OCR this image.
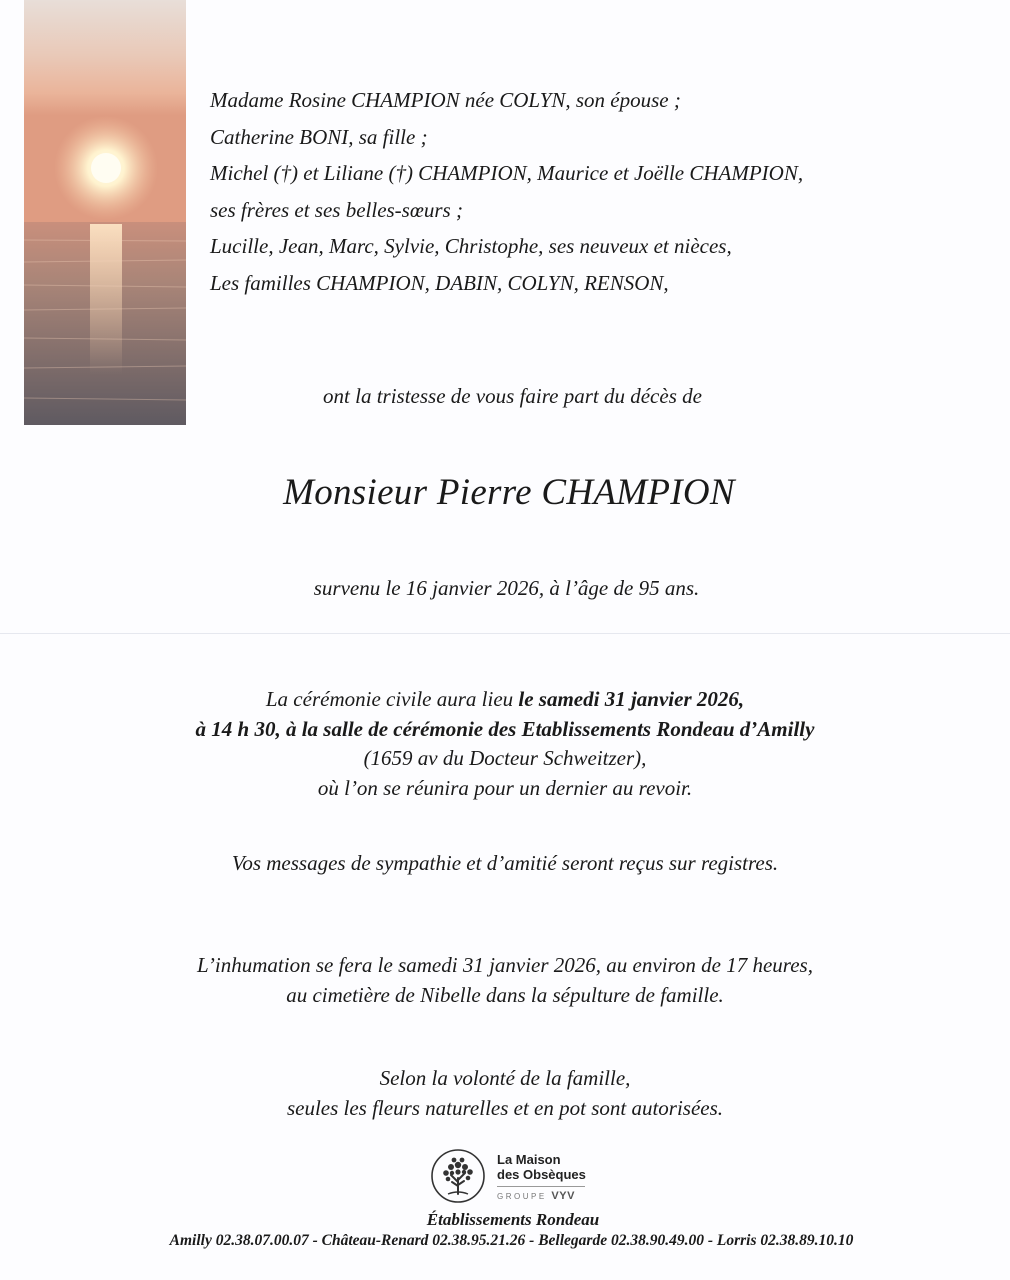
Madame Rosine CHAMPION née COLYN, son épouse ;
Catherine BONI, sa fille ;
Michel (†) et Liliane (†) CHAMPION, Maurice et Joëlle CHAMPION,
ses frères et ses belles-sœurs ;
Lucille, Jean, Marc, Sylvie, Christophe, ses neuveux et nièces,
Les familles CHAMPION, DABIN, COLYN, RENSON,
ont la tristesse de vous faire part du décès de
Monsieur Pierre CHAMPION
survenu le 16 janvier 2026, à l’âge de 95 ans.
La cérémonie civile aura lieu le samedi 31 janvier 2026,
à 14 h 30, à la salle de cérémonie des Etablissements Rondeau d’Amilly
(1659 av du Docteur Schweitzer),
où l’on se réunira pour un dernier au revoir.
Vos messages de sympathie et d’amitié seront reçus sur registres.
L’inhumation se fera le samedi 31 janvier 2026, au environ de 17 heures,
au cimetière de Nibelle dans la sépulture de famille.
Selon la volonté de la famille,
seules les fleurs naturelles et en pot sont autorisées.
La Maison
des Obsèques
GROUPE VYV
Établissements Rondeau
Amilly 02.38.07.00.07 - Château-Renard 02.38.95.21.26 - Bellegarde 02.38.90.49.00 - Lorris 02.38.89.10.10
